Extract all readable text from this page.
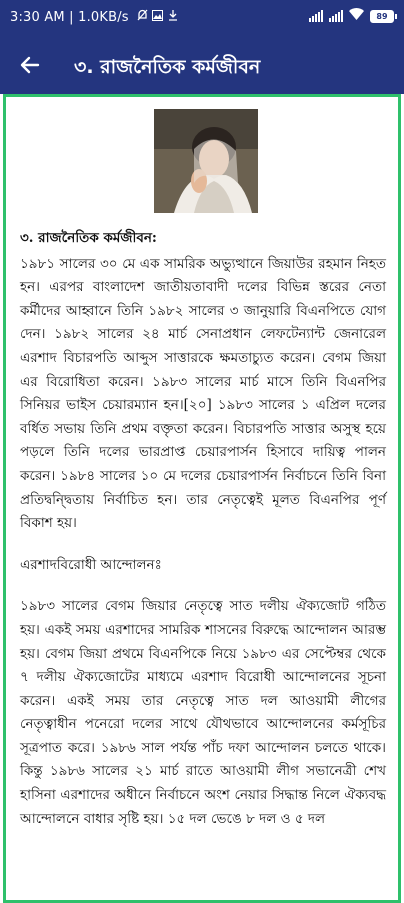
3:30 AM | 1.0KB/s	89
৩. রাজনৈতিক কর্মজীবন

৩. রাজনৈতিক কর্মজীবন:

১৯৮১ সালের ৩০ মে এক সামরিক অভ্যুত্থানে জিয়াউর রহমান নিহত হন। এরপর বাংলাদেশ জাতীয়তাবাদী দলের বিভিন্ন স্তরের নেতা কর্মীদের আহ্বানে তিনি ১৯৮২ সালের ৩ জানুয়ারি বিএনপিতে যোগ দেন। ১৯৮২ সালের ২৪ মার্চ সেনাপ্রধান লেফটেন্যান্ট জেনারেল এরশাদ বিচারপতি আব্দুস সাত্তারকে ক্ষমতাচ্যুত করেন। বেগম জিয়া এর বিরোধিতা করেন। ১৯৮৩ সালের মার্চ মাসে তিনি বিএনপির সিনিয়র ভাইস চেয়ারম্যান হন।[২০] ১৯৮৩ সালের ১ এপ্রিল দলের বর্ধিত সভায় তিনি প্রথম বক্তৃতা করেন। বিচারপতি সাত্তার অসুস্থ হয়ে পড়লে তিনি দলের ভারপ্রাপ্ত চেয়ারপার্সন হিসাবে দায়িত্ব পালন করেন। ১৯৮৪ সালের ১০ মে দলের চেয়ারপার্সন নির্বাচনে তিনি বিনা প্রতিদ্বন্দ্বিতায় নির্বাচিত হন। তার নেতৃত্বেই মূলত বিএনপির পূর্ণ বিকাশ হয়।

এরশাদবিরোধী আন্দোলনঃ

১৯৮৩ সালের বেগম জিয়ার নেতৃত্বে সাত দলীয় ঐক্যজোট গঠিত হয়। একই সময় এরশাদের সামরিক শাসনের বিরুদ্ধে আন্দোলন আরম্ভ হয়। বেগম জিয়া প্রথমে বিএনপিকে নিয়ে ১৯৮৩ এর সেপ্টেম্বর থেকে ৭ দলীয় ঐক্যজোটের মাধ্যমে এরশাদ বিরোধী আন্দোলনের সূচনা করেন। একই সময় তার নেতৃত্বে সাত দল আওয়ামী লীগের নেতৃত্বাধীন পনেরো দলের সাথে যৌথভাবে আন্দোলনের কর্মসূচির সূত্রপাত করে। ১৯৮৬ সাল পর্যন্ত পাঁচ দফা আন্দোলন চলতে থাকে। কিন্তু ১৯৮৬ সালের ২১ মার্চ রাতে আওয়ামী লীগ সভানেত্রী শেখ হাসিনা এরশাদের অধীনে নির্বাচনে অংশ নেয়ার সিদ্ধান্ত নিলে ঐক্যবদ্ধ আন্দোলনে বাধার সৃষ্টি হয়। ১৫ দল ভেঙে ৮ দল ও ৫ দল
